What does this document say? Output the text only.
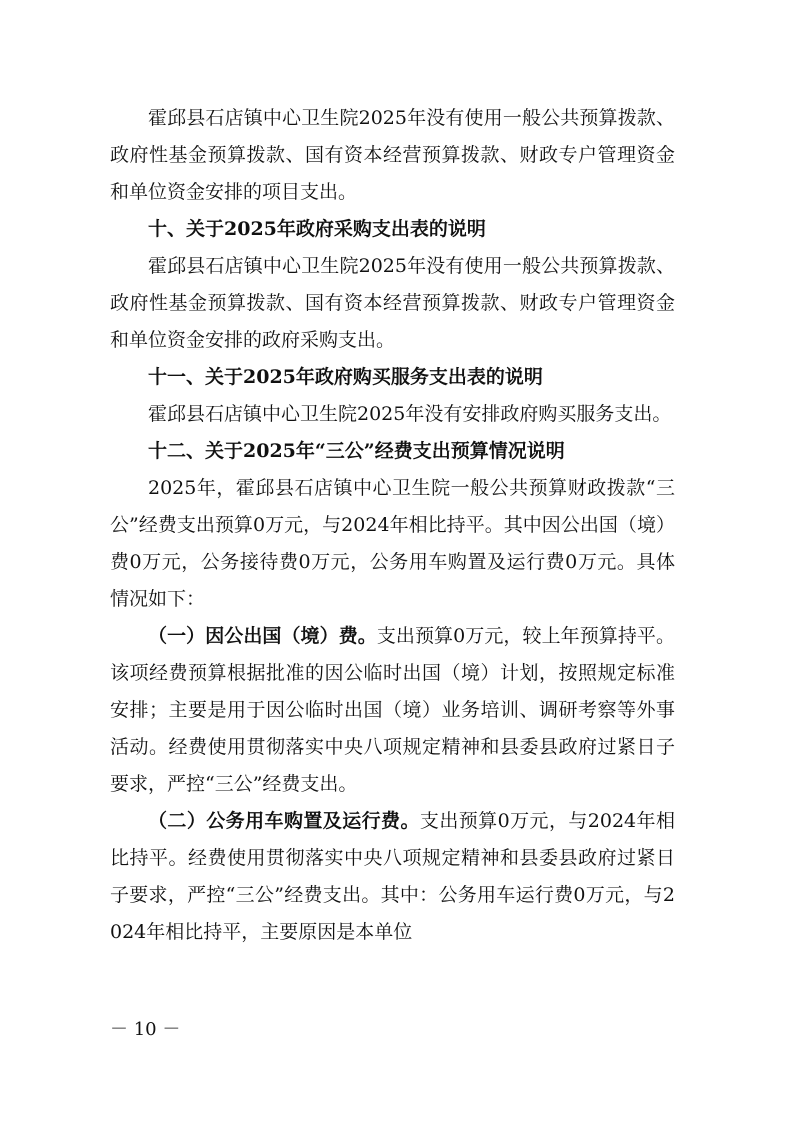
霍邱县石店镇中心卫生院2025年没有使用一般公共预算拨款、政府性基金预算拨款、国有资本经营预算拨款、财政专户管理资金和单位资金安排的项目支出。

十、关于2025年政府采购支出表的说明

霍邱县石店镇中心卫生院2025年没有使用一般公共预算拨款、政府性基金预算拨款、国有资本经营预算拨款、财政专户管理资金和单位资金安排的政府采购支出。

十一、关于2025年政府购买服务支出表的说明

霍邱县石店镇中心卫生院2025年没有安排政府购买服务支出。

十二、关于2025年“三公”经费支出预算情况说明

2025年，霍邱县石店镇中心卫生院一般公共预算财政拨款“三公”经费支出预算0万元，与2024年相比持平。其中因公出国（境）费0万元，公务接待费0万元，公务用车购置及运行费0万元。具体情况如下：

（一）因公出国（境）费。支出预算0万元，较上年预算持平。该项经费预算根据批准的因公临时出国（境）计划，按照规定标准安排；主要是用于因公临时出国（境）业务培训、调研考察等外事活动。经费使用贯彻落实中央八项规定精神和县委县政府过紧日子要求，严控“三公”经费支出。

（二）公务用车购置及运行费。支出预算0万元，与2024年相比持平。经费使用贯彻落实中央八项规定精神和县委县政府过紧日子要求，严控“三公”经费支出。其中：公务用车运行费0万元，与2024年相比持平，主要原因是本单位

－ 10 －
